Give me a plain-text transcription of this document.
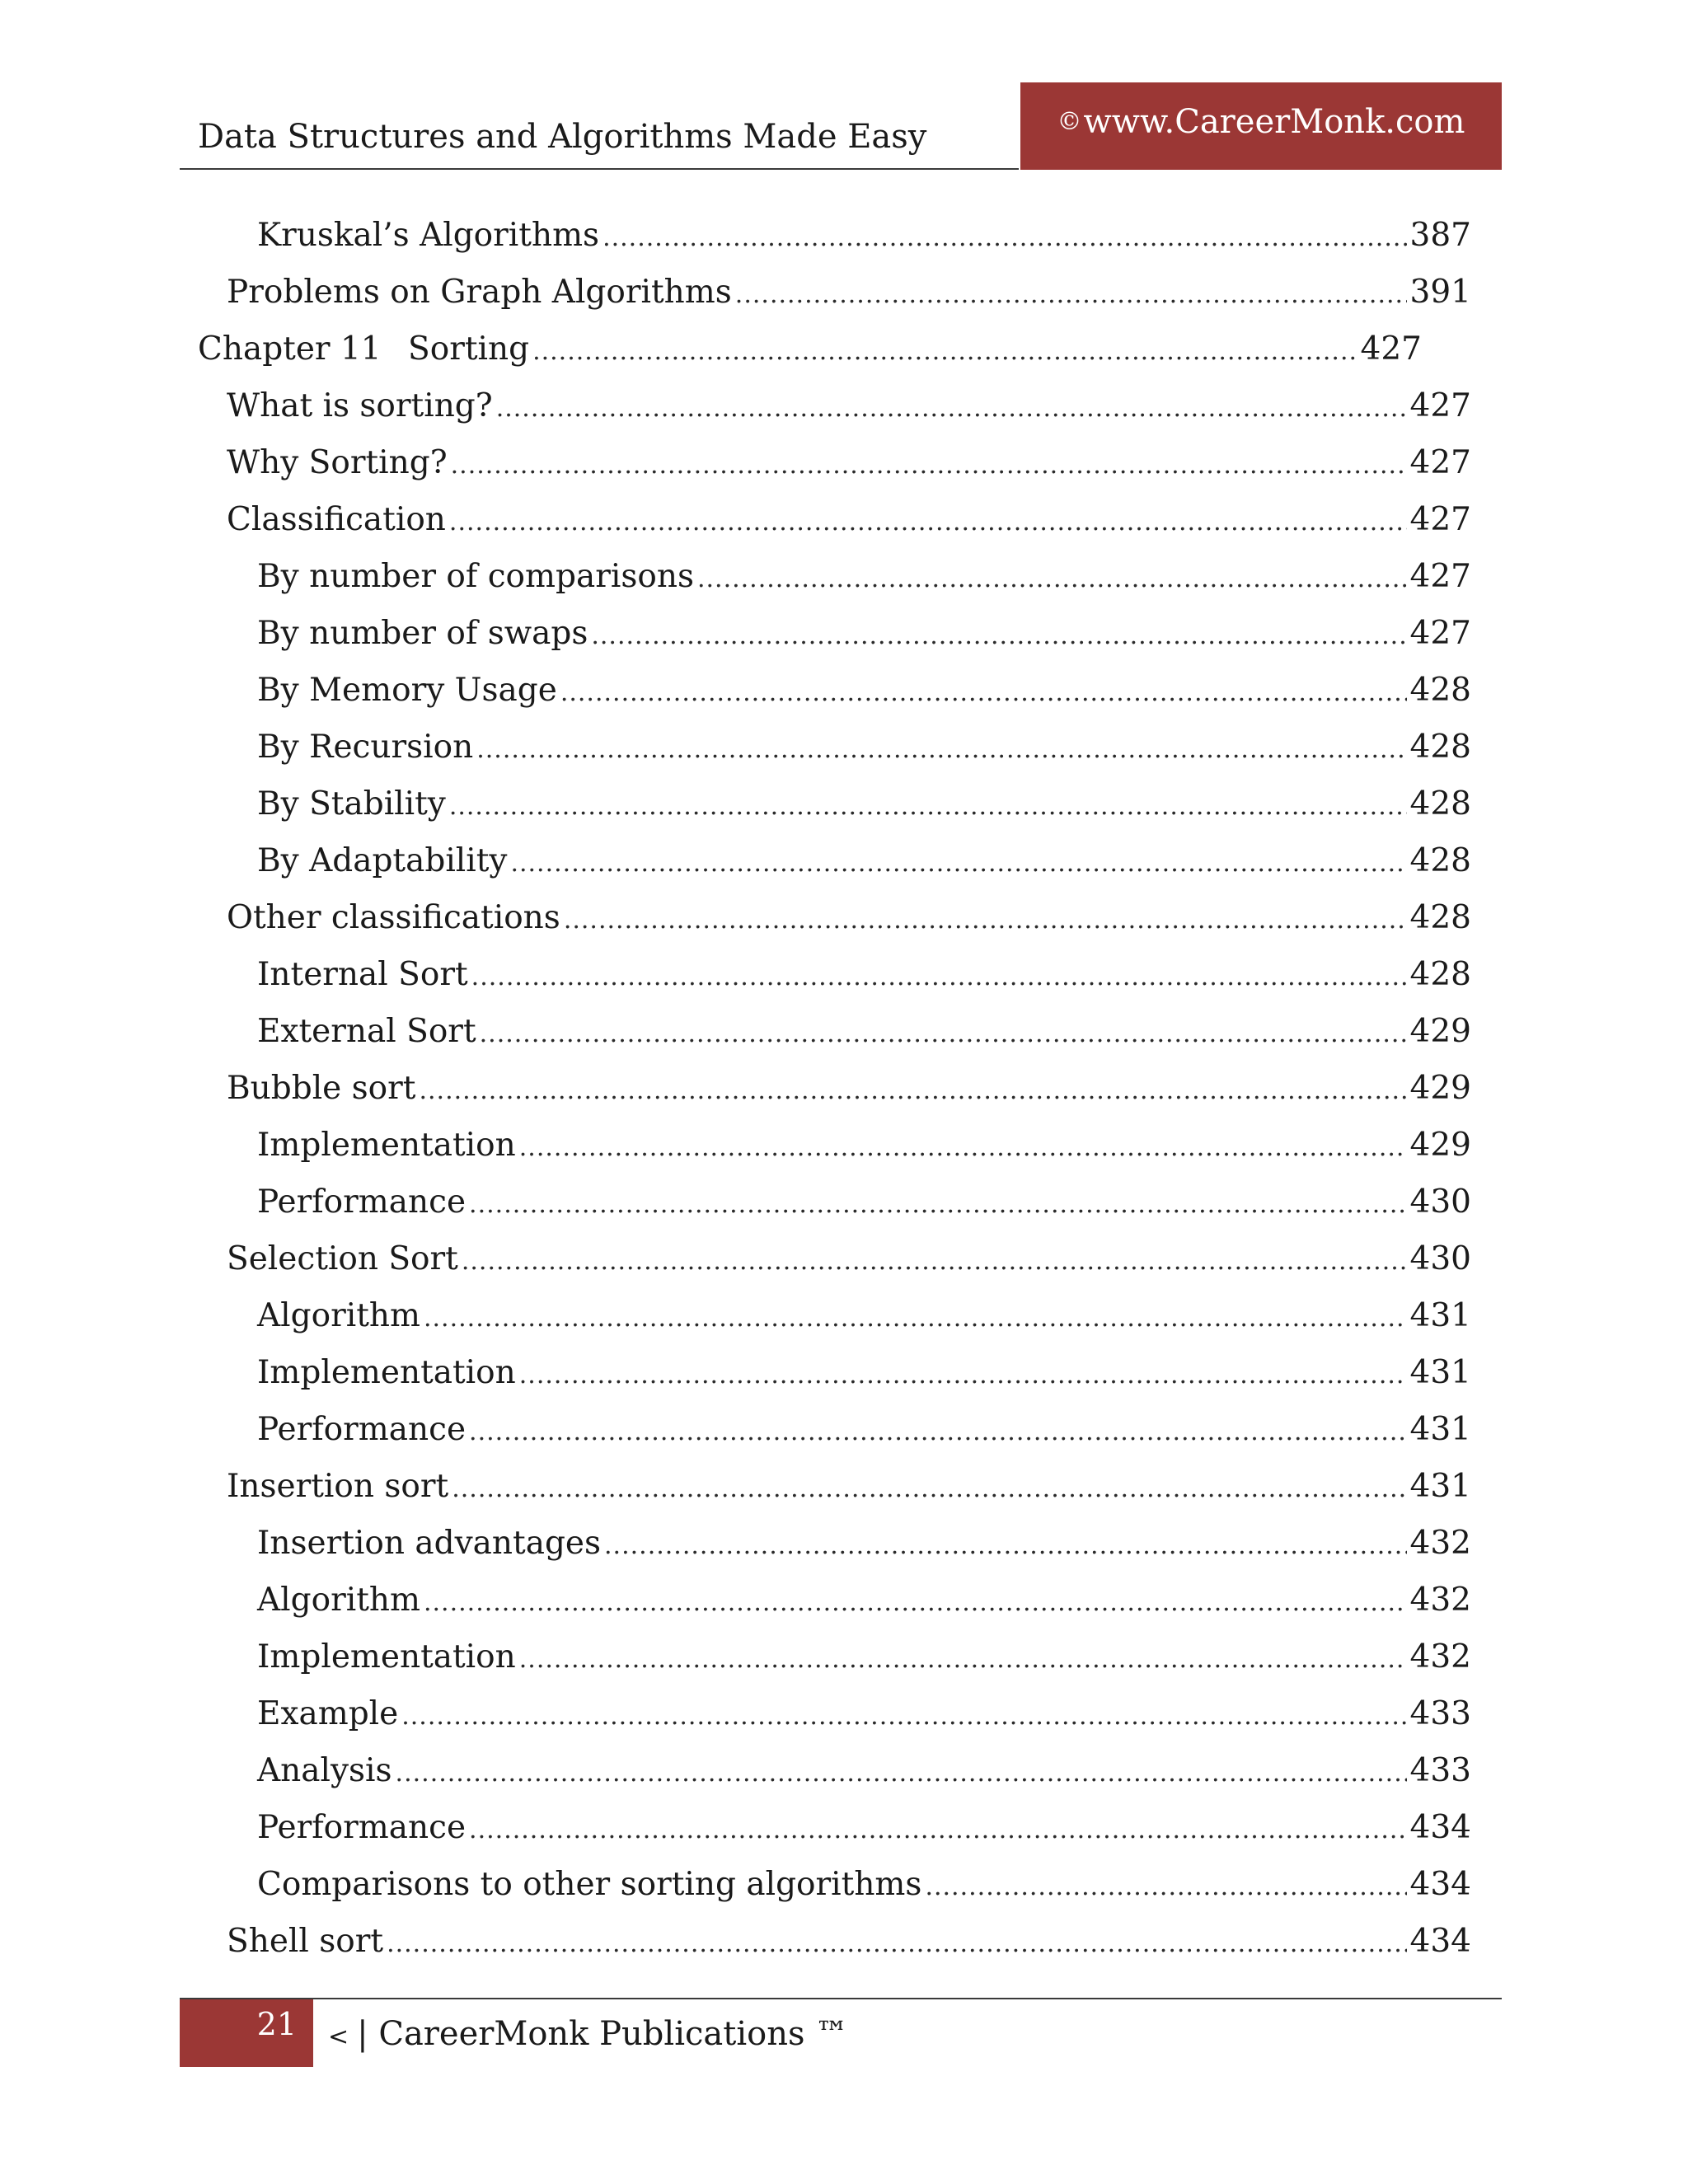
Data Structures and Algorithms Made Easy	© www.CareerMonk.com
Kruskal’s Algorithms .....	387
Problems on Graph Algorithms .....	391
Chapter 11 Sorting .....	427
What is sorting? .....	427
Why Sorting? .....	427
Classification .....	427
By number of comparisons .....	427
By number of swaps .....	427
By Memory Usage .....	428
By Recursion .....	428
By Stability .....	428
By Adaptability .....	428
Other classifications .....	428
Internal Sort .....	428
External Sort .....	429
Bubble sort .....	429
Implementation .....	429
Performance .....	430
Selection Sort .....	430
Algorithm .....	431
Implementation .....	431
Performance .....	431
Insertion sort .....	431
Insertion advantages .....	432
Algorithm .....	432
Implementation .....	432
Example .....	433
Analysis .....	433
Performance .....	434
Comparisons to other sorting algorithms .....	434
Shell sort .....	434
21	< | CareerMonk Publications ™
